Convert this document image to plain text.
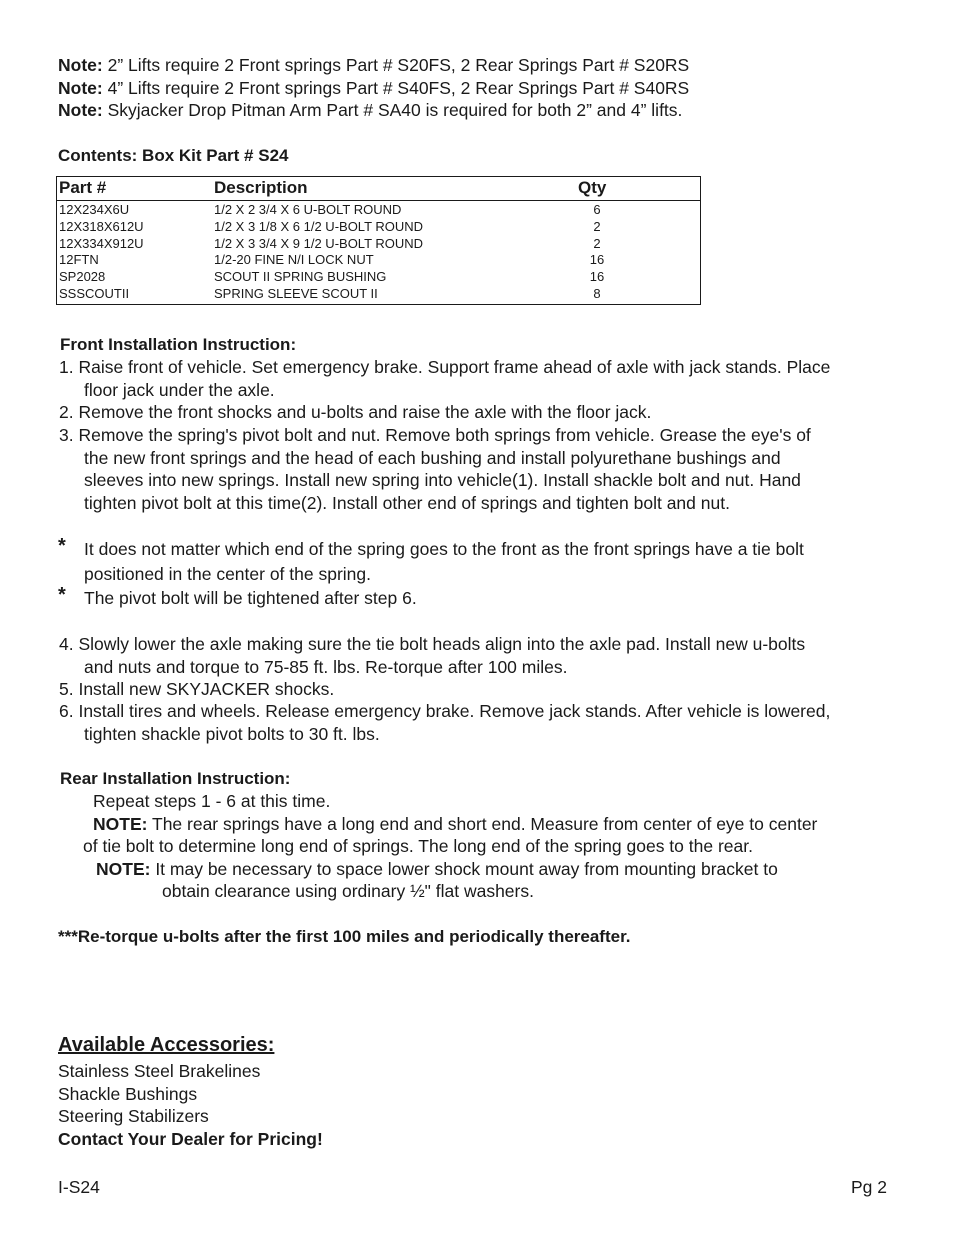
Note: 2” Lifts require 2 Front springs Part # S20FS, 2 Rear Springs Part # S20RS
Note: 4” Lifts require 2 Front springs Part # S40FS, 2 Rear Springs Part # S40RS
Note: Skyjacker Drop Pitman Arm Part # SA40 is required for both 2” and 4” lifts.
Contents: Box Kit Part # S24
Part #	Description	Qty
12X234X6U	1/2 X 2 3/4 X 6 U-BOLT ROUND	6
12X318X612U	1/2 X 3 1/8 X 6 1/2 U-BOLT ROUND	2
12X334X912U	1/2 X 3 3/4 X 9 1/2 U-BOLT ROUND	2
12FTN	1/2-20 FINE N/I LOCK NUT	16
SP2028	SCOUT II SPRING BUSHING	16
SSSCOUTII	SPRING SLEEVE SCOUT II	8
Front Installation Instruction:
1. Raise front of vehicle. Set emergency brake. Support frame ahead of axle with jack stands. Place
floor jack under the axle.
2. Remove the front shocks and u-bolts and raise the axle with the floor jack.
3. Remove the spring's pivot bolt and nut. Remove both springs from vehicle. Grease the eye's of
the new front springs and the head of each bushing and install polyurethane bushings and
sleeves into new springs. Install new spring into vehicle(1). Install shackle bolt and nut. Hand
tighten pivot bolt at this time(2). Install other end of springs and tighten bolt and nut.
* It does not matter which end of the spring goes to the front as the front springs have a tie bolt
positioned in the center of the spring.
* The pivot bolt will be tightened after step 6.
4. Slowly lower the axle making sure the tie bolt heads align into the axle pad. Install new u-bolts
and nuts and torque to 75-85 ft. lbs. Re-torque after 100 miles.
5. Install new SKYJACKER shocks.
6. Install tires and wheels. Release emergency brake. Remove jack stands. After vehicle is lowered,
tighten shackle pivot bolts to 30 ft. lbs.
Rear Installation Instruction:
Repeat steps 1 - 6 at this time.
NOTE: The rear springs have a long end and short end. Measure from center of eye to center
of tie bolt to determine long end of springs. The long end of the spring goes to the rear.
NOTE: It may be necessary to space lower shock mount away from mounting bracket to
obtain clearance using ordinary ½" flat washers.
***Re-torque u-bolts after the first 100 miles and periodically thereafter.
Available Accessories:
Stainless Steel Brakelines
Shackle Bushings
Steering Stabilizers
Contact Your Dealer for Pricing!
I-S24	Pg 2
